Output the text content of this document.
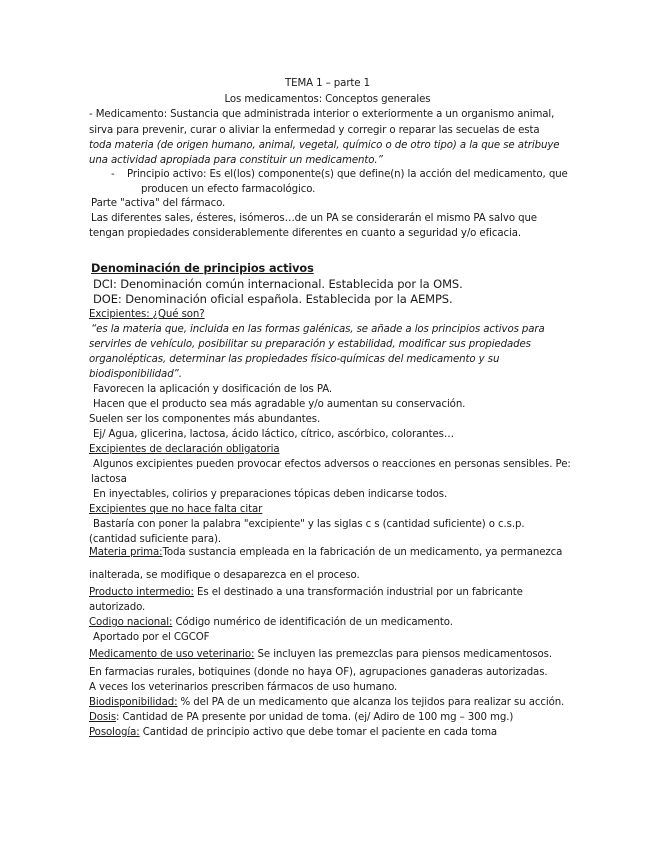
TEMA 1 – parte 1
Los medicamentos: Conceptos generales
- Medicamento: Sustancia que administrada interior o exteriormente a un organismo animal,
sirva para prevenir, curar o aliviar la enfermedad y corregir o reparar las secuelas de esta
toda materia (de origen humano, animal, vegetal, químico o de otro tipo) a la que se atribuye
una actividad apropiada para constituir un medicamento.”
- Principio activo: Es el(los) componente(s) que define(n) la acción del medicamento, que
producen un efecto farmacológico.
Parte "activa" del fármaco.
Las diferentes sales, ésteres, isómeros…de un PA se considerarán el mismo PA salvo que
tengan propiedades considerablemente diferentes en cuanto a seguridad y/o eficacia.
Denominación de principios activos
DCI: Denominación común internacional. Establecida por la OMS.
DOE: Denominación oficial española. Establecida por la AEMPS.
Excipientes: ¿Qué son?
“es la materia que, incluida en las formas galénicas, se añade a los principios activos para
servirles de vehículo, posibilitar su preparación y estabilidad, modificar sus propiedades
organolépticas, determinar las propiedades físico-químicas del medicamento y su
biodisponibilidad”.
Favorecen la aplicación y dosificación de los PA.
Hacen que el producto sea más agradable y/o aumentan su conservación.
Suelen ser los componentes más abundantes.
Ej/ Agua, glicerina, lactosa, ácido láctico, cítrico, ascórbico, colorantes…
Excipientes de declaración obligatoria
Algunos excipientes pueden provocar efectos adversos o reacciones en personas sensibles. Pe:
lactosa
En inyectables, colirios y preparaciones tópicas deben indicarse todos.
Excipientes que no hace falta citar
Bastaría con poner la palabra "excipiente" y las siglas c s (cantidad suficiente) o c.s.p.
(cantidad suficiente para).
Materia prima:Toda sustancia empleada en la fabricación de un medicamento, ya permanezca
inalterada, se modifique o desaparezca en el proceso.
Producto intermedio: Es el destinado a una transformación industrial por un fabricante
autorizado.
Codigo nacional: Código numérico de identificación de un medicamento.
Aportado por el CGCOF
Medicamento de uso veterinario: Se incluyen las premezclas para piensos medicamentosos.
En farmacias rurales, botiquines (donde no haya OF), agrupaciones ganaderas autorizadas.
A veces los veterinarios prescriben fármacos de uso humano.
Biodisponibilidad: % del PA de un medicamento que alcanza los tejidos para realizar su acción.
Dosis: Cantidad de PA presente por unidad de toma. (ej/ Adiro de 100 mg – 300 mg.)
Posología: Cantidad de principio activo que debe tomar el paciente en cada toma
